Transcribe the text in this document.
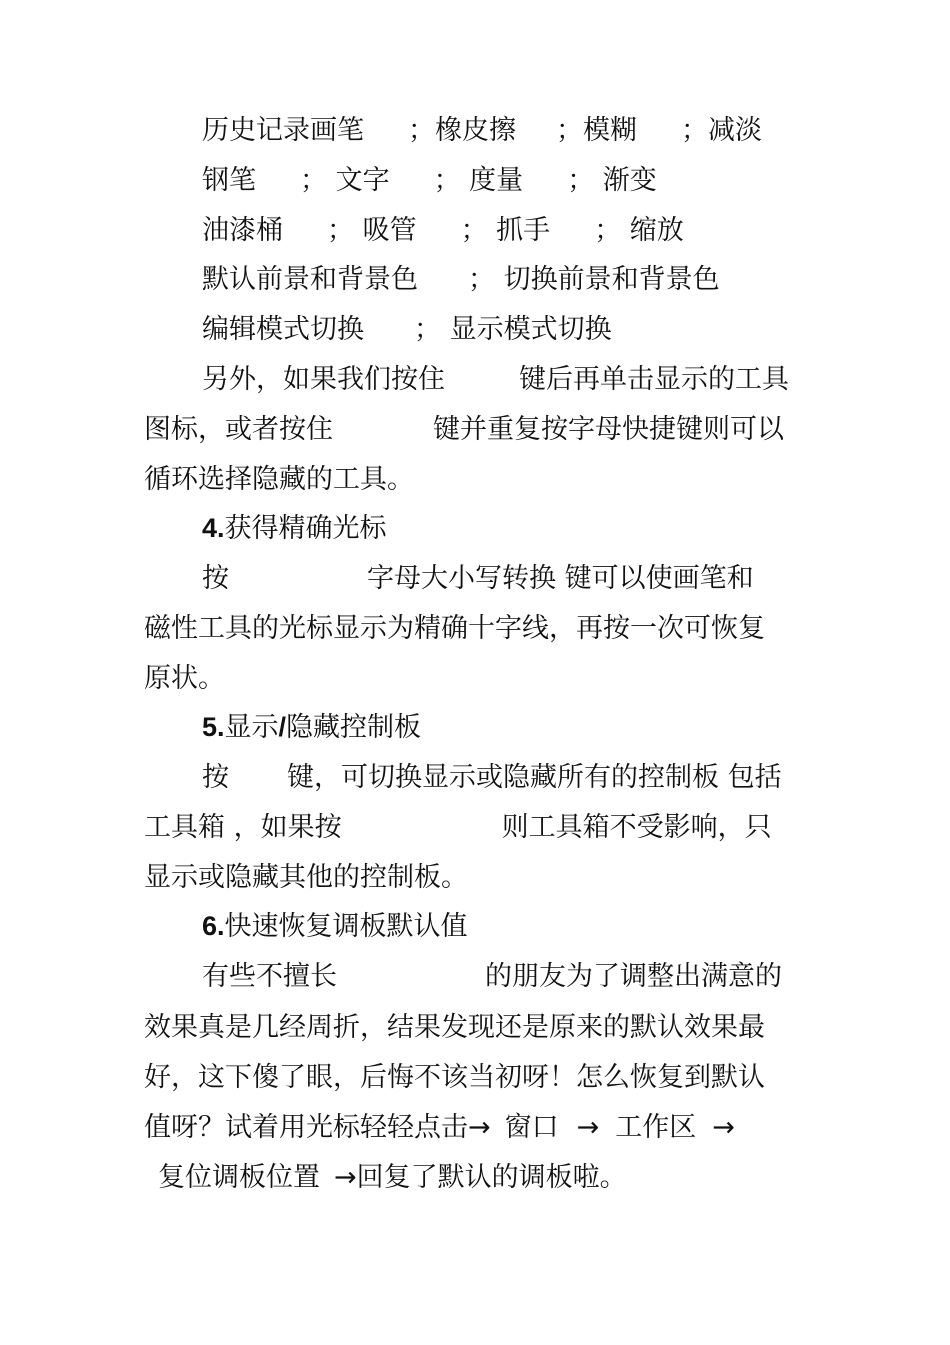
历史记录画笔 ；橡皮擦 ；模糊 ；减淡

钢笔 ； 文字 ； 度量 ； 渐变

油漆桶 ； 吸管 ； 抓手 ； 缩放

默认前景和背景色 ； 切换前景和背景色

编辑模式切换 ； 显示模式切换

另外，如果我们按住	键后再单击显示的工具

图标，或者按住	键并重复按字母快捷键则可以

循环选择隐藏的工具。

4.获得精确光标

按	字母大小写转换 键可以使画笔和

磁性工具的光标显示为精确十字线，再按一次可恢复

原状。

5.显示/隐藏控制板

按 键，可切换显示或隐藏所有的控制板 包括

工具箱 ，如果按	则工具箱不受影响，只

显示或隐藏其他的控制板。

6.快速恢复调板默认值

有些不擅长	的朋友为了调整出满意的

效果真是几经周折，结果发现还是原来的默认效果最

好，这下傻了眼，后悔不该当初呀！怎么恢复到默认

值呀？试着用光标轻轻点击→ 窗口 → 工作区 →

复位调板位置 →回复了默认的调板啦。
